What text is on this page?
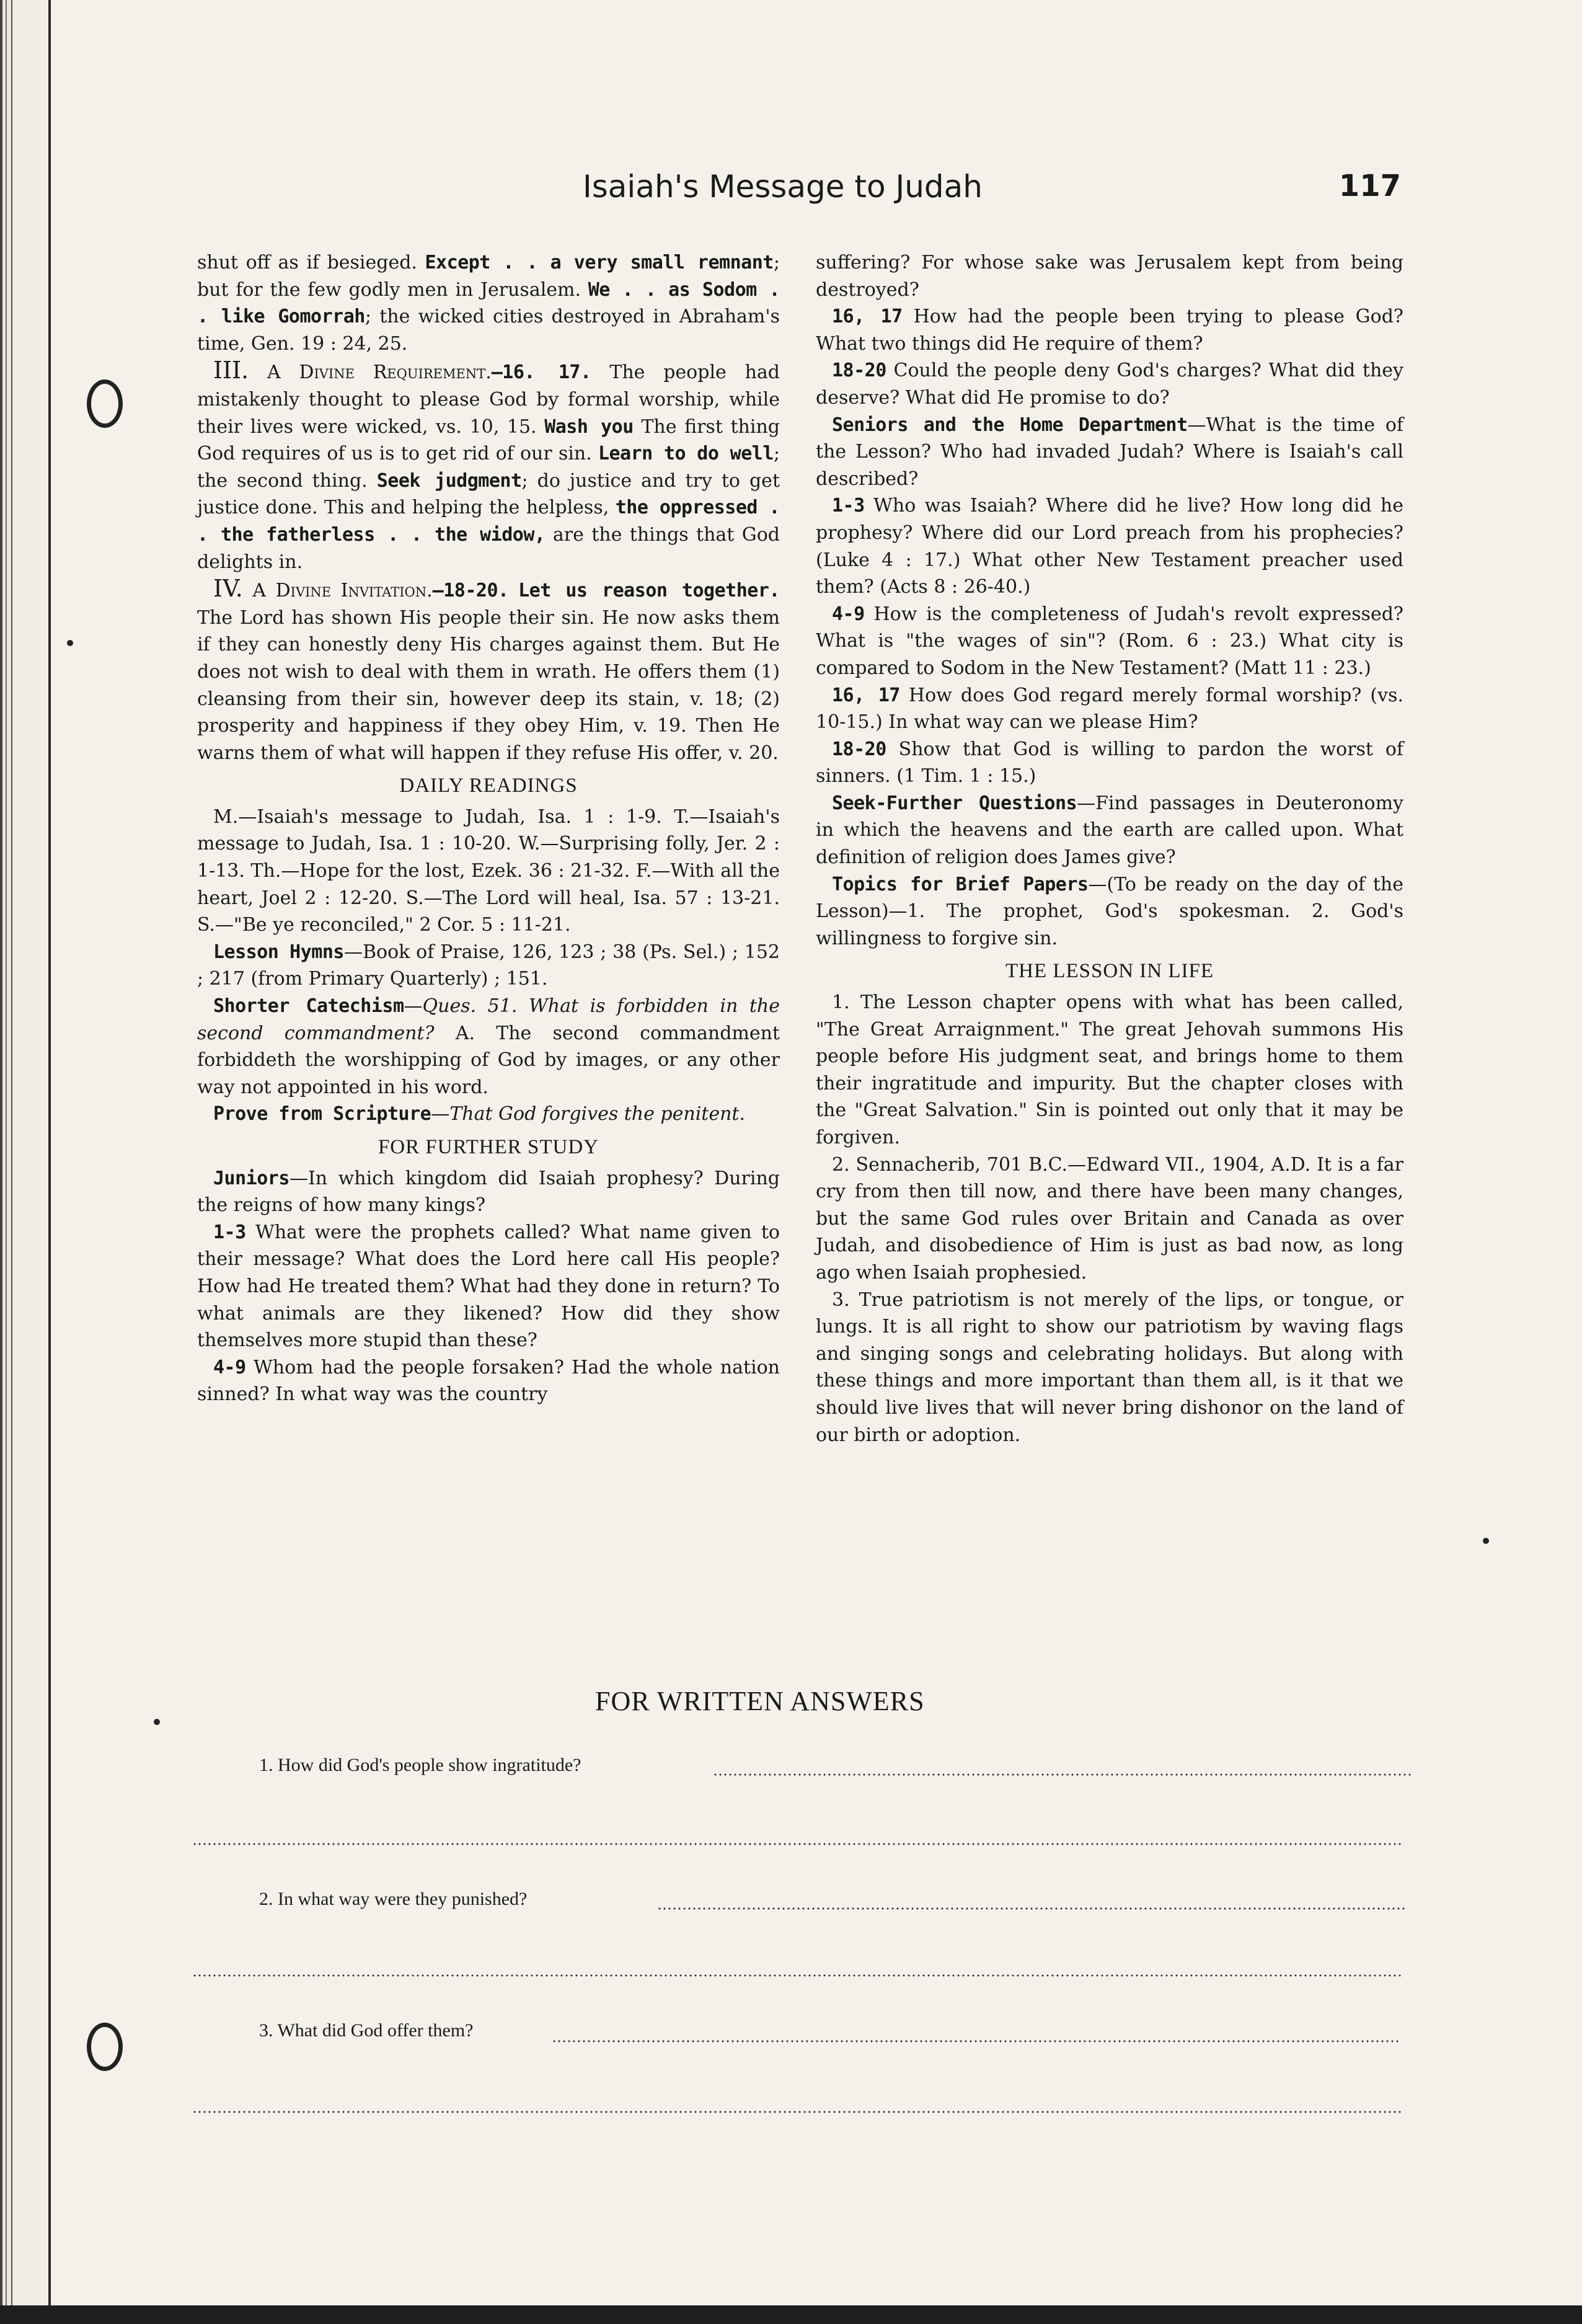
Isaiah's Message to Judah	117

shut off as if besieged. Except . . a very small remnant; but for the few godly men in Jerusalem. We . . as Sodom . . like Gomorrah; the wicked cities destroyed in Abraham's time, Gen. 19 : 24, 25.

III. A Divine Requirement.—16. 17. The people had mistakenly thought to please God by formal worship, while their lives were wicked, vs. 10, 15. Wash you The first thing God requires of us is to get rid of our sin. Learn to do well; the second thing. Seek judgment; do justice and try to get justice done. This and helping the helpless, the oppressed . . the fatherless . . the widow, are the things that God delights in.

IV. A Divine Invitation.—18-20. Let us reason together. The Lord has shown His people their sin. He now asks them if they can honestly deny His charges against them. But He does not wish to deal with them in wrath. He offers them (1) cleansing from their sin, however deep its stain, v. 18; (2) prosperity and happiness if they obey Him, v. 19. Then He warns them of what will happen if they refuse His offer, v. 20.

DAILY READINGS

M.—Isaiah's message to Judah, Isa. 1 : 1-9. T.—Isaiah's message to Judah, Isa. 1 : 10-20. W.—Surprising folly, Jer. 2 : 1-13. Th.—Hope for the lost, Ezek. 36 : 21-32. F.—With all the heart, Joel 2 : 12-20. S.—The Lord will heal, Isa. 57 : 13-21. S.—"Be ye reconciled," 2 Cor. 5 : 11-21.

Lesson Hymns—Book of Praise, 126, 123 ; 38 (Ps. Sel.) ; 152 ; 217 (from Primary Quarterly) ; 151.

Shorter Catechism—Ques. 51. What is forbidden in the second commandment? A. The second commandment forbiddeth the worshipping of God by images, or any other way not appointed in his word.

Prove from Scripture—That God forgives the penitent.

FOR FURTHER STUDY

Juniors—In which kingdom did Isaiah prophesy? During the reigns of how many kings?

1-3 What were the prophets called? What name given to their message? What does the Lord here call His people? How had He treated them? What had they done in return? To what animals are they likened? How did they show themselves more stupid than these?

4-9 Whom had the people forsaken? Had the whole nation sinned? In what way was the country

suffering? For whose sake was Jerusalem kept from being destroyed?

16, 17 How had the people been trying to please God? What two things did He require of them?

18-20 Could the people deny God's charges? What did they deserve? What did He promise to do?

Seniors and the Home Department—What is the time of the Lesson? Who had invaded Judah? Where is Isaiah's call described?

1-3 Who was Isaiah? Where did he live? How long did he prophesy? Where did our Lord preach from his prophecies? (Luke 4 : 17.) What other New Testament preacher used them? (Acts 8 : 26-40.)

4-9 How is the completeness of Judah's revolt expressed? What is "the wages of sin"? (Rom. 6 : 23.) What city is compared to Sodom in the New Testament? (Matt 11 : 23.)

16, 17 How does God regard merely formal worship? (vs. 10-15.) In what way can we please Him?

18-20 Show that God is willing to pardon the worst of sinners. (1 Tim. 1 : 15.)

Seek-Further Questions—Find passages in Deuteronomy in which the heavens and the earth are called upon. What definition of religion does James give?

Topics for Brief Papers—(To be ready on the day of the Lesson)—1. The prophet, God's spokesman. 2. God's willingness to forgive sin.

THE LESSON IN LIFE

1. The Lesson chapter opens with what has been called, "The Great Arraignment." The great Jehovah summons His people before His judgment seat, and brings home to them their ingratitude and impurity. But the chapter closes with the "Great Salvation." Sin is pointed out only that it may be forgiven.

2. Sennacherib, 701 B.C.—Edward VII., 1904, A.D. It is a far cry from then till now, and there have been many changes, but the same God rules over Britain and Canada as over Judah, and disobedience of Him is just as bad now, as long ago when Isaiah prophesied.

3. True patriotism is not merely of the lips, or tongue, or lungs. It is all right to show our patriotism by waving flags and singing songs and celebrating holidays. But along with these things and more important than them all, is it that we should live lives that will never bring dishonor on the land of our birth or adoption.

FOR WRITTEN ANSWERS
1. How did God's people show ingratitude?
2. In what way were they punished?
3. What did God offer them?
